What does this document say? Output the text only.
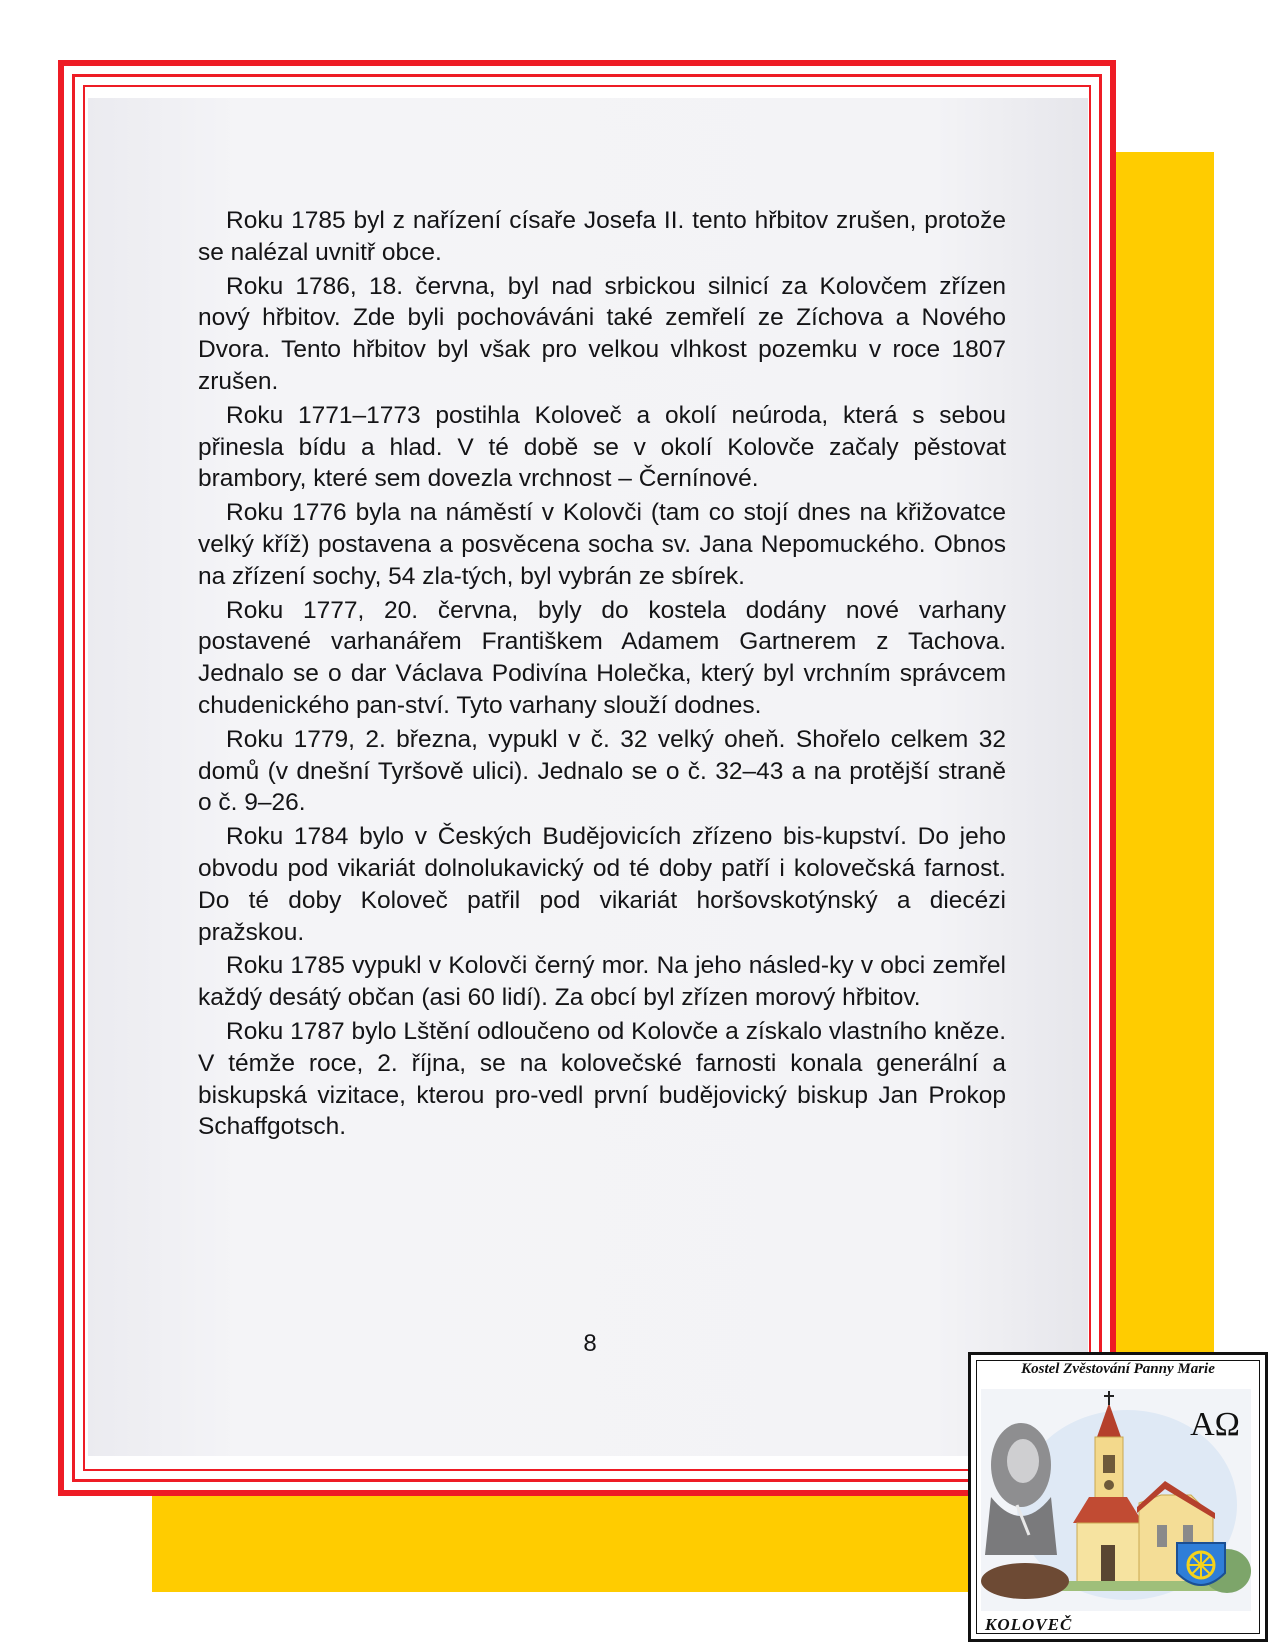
Roku 1785 byl z nařízení císaře Josefa II. tento hřbitov zrušen, protože se nalézal uvnitř obce.

Roku 1786, 18. června, byl nad srbickou silnicí za Kolovčem zřízen nový hřbitov. Zde byli pochováváni také zemřelí ze Zíchova a Nového Dvora. Tento hřbitov byl však pro velkou vlhkost pozemku v roce 1807 zrušen.

Roku 1771–1773 postihla Koloveč a okolí neúroda, která s sebou přinesla bídu a hlad. V té době se v okolí Kolovče začaly pěstovat brambory, které sem dovezla vrchnost – Černínové.

Roku 1776 byla na náměstí v Kolovči (tam co stojí dnes na křižovatce velký kříž) postavena a posvěcena socha sv. Jana Nepomuckého. Obnos na zřízení sochy, 54 zla-tých, byl vybrán ze sbírek.

Roku 1777, 20. června, byly do kostela dodány nové varhany postavené varhanářem Františkem Adamem Gartnerem z Tachova. Jednalo se o dar Václava Podivína Holečka, který byl vrchním správcem chudenického pan-ství. Tyto varhany slouží dodnes.

Roku 1779, 2. března, vypukl v č. 32 velký oheň. Shořelo celkem 32 domů (v dnešní Tyršově ulici). Jednalo se o č. 32–43 a na protější straně o č. 9–26.

Roku 1784 bylo v Českých Budějovicích zřízeno bis-kupství. Do jeho obvodu pod vikariát dolnolukavický od té doby patří i kolovečská farnost. Do té doby Koloveč patřil pod vikariát horšovskotýnský a diecézi pražskou.

Roku 1785 vypukl v Kolovči černý mor. Na jeho násled-ky v obci zemřel každý desátý občan (asi 60 lidí). Za obcí byl zřízen morový hřbitov.

Roku 1787 bylo Lštění odloučeno od Kolovče a získalo vlastního kněze. V témže roce, 2. října, se na kolovečské farnosti konala generální a biskupská vizitace, kterou pro-vedl první budějovický biskup Jan Prokop Schaffgotsch.

8
Kostel Zvěstování Panny Marie
AΩ
KOLOVEČ
